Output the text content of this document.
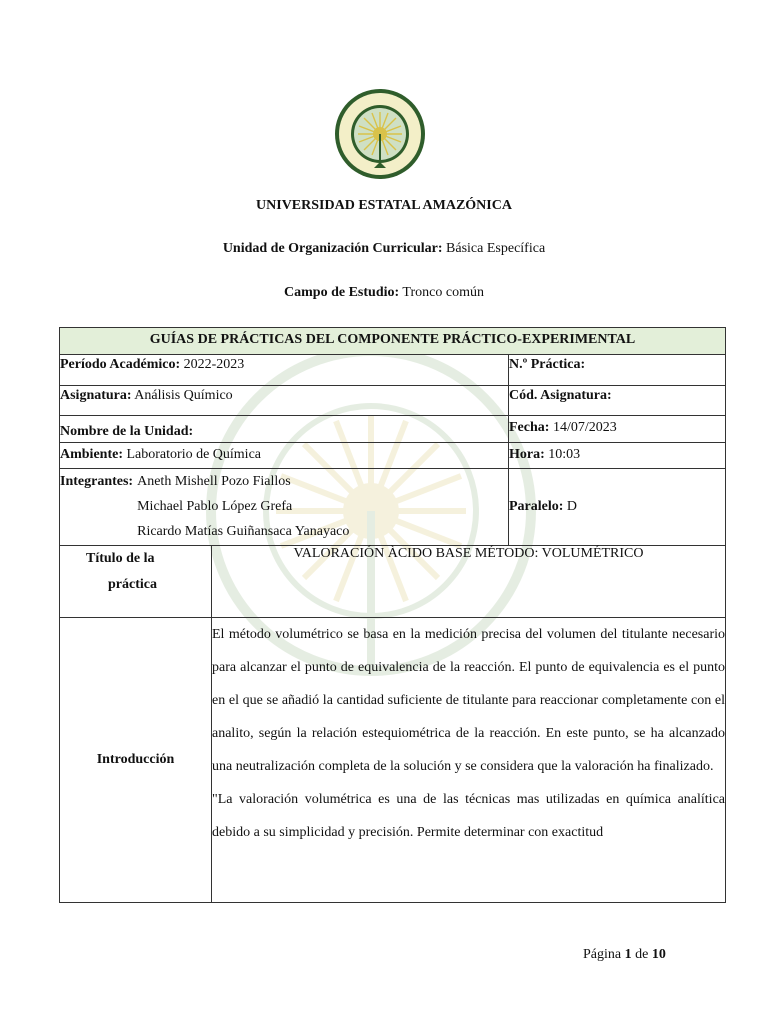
UNIVERSIDAD ESTATAL AMAZÓNICA
Unidad de Organización Curricular: Básica Específica
Campo de Estudio: Tronco común
GUÍAS DE PRÁCTICAS DEL COMPONENTE PRÁCTICO-EXPERIMENTAL		
Período Académico: 2022-2023		N.º Práctica:
Asignatura: Análisis Químico		Cód. Asignatura:
Nombre de la Unidad:		Fecha: 14/07/2023
Ambiente: Laboratorio de Química		Hora: 10:03

Integrantes: Aneth Mishell Pozo Fiallos
Michael Pablo López Grefa
Ricardo Matías Guiñansaca Yanayaco		Paralelo: D

Título de la
práctica	VALORACIÓN ÀCIDO BASE MÉTODO: VOLUMÉTRICO	
Introducción	El método volumétrico se basa en la medición precisa del volumen del titulante necesario para alcanzar el punto de equivalencia de la reacción. El punto de equivalencia es el punto en el que se añadió la cantidad suficiente de titulante para reaccionar completamente con el analito, según la relación estequiométrica de la reacción. En este punto, se ha alcanzado una neutralización completa de la solución y se considera que la valoración ha finalizado.
"La valoración volumétrica es una de las técnicas mas utilizadas en química analítica debido a su simplicidad y precisión. Permite determinar con exactitud	
Página 1 de 10
